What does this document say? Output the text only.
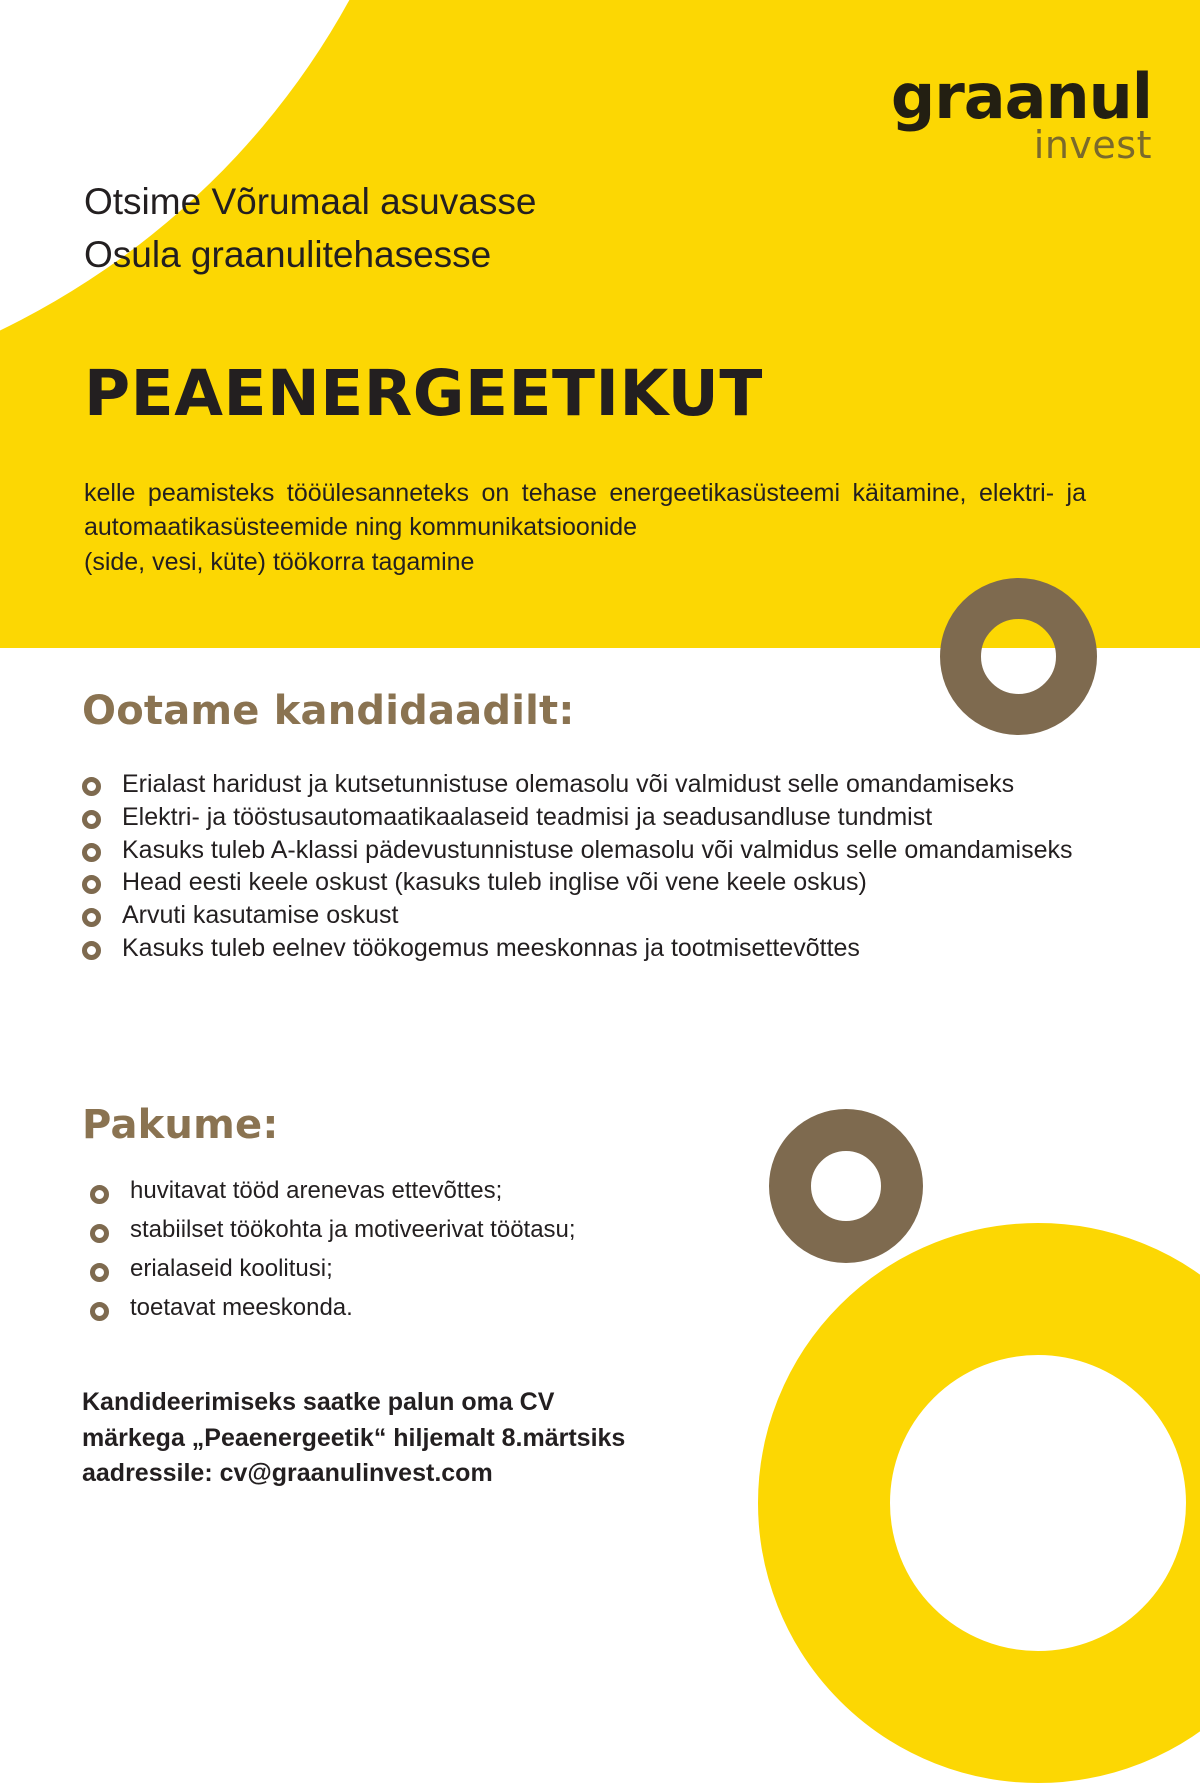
graanul
invest
Otsime Võrumaal asuvasse
Osula graanulitehasesse
PEAENERGEETIKUT
kelle peamisteks tööülesanneteks on tehase energeetikasüsteemi käitamine, elektri- ja automaatikasüsteemide ning kommunikatsioonide
(side, vesi, küte) töökorra tagamine
Ootame kandidaadilt:
Erialast haridust ja kutsetunnistuse olemasolu või valmidust selle omandamiseks
Elektri- ja tööstusautomaatikaalaseid teadmisi ja seadusandluse tundmist
Kasuks tuleb A-klassi pädevustunnistuse olemasolu või valmidus selle omandamiseks
Head eesti keele oskust (kasuks tuleb inglise või vene keele oskus)
Arvuti kasutamise oskust
Kasuks tuleb eelnev töökogemus meeskonnas ja tootmisettevõttes
Pakume:
huvitavat tööd arenevas ettevõttes;
stabiilset töökohta ja motiveerivat töötasu;
erialaseid koolitusi;
toetavat meeskonda.
Kandideerimiseks saatke palun oma CV
märkega „Peaenergeetik“ hiljemalt 8.märtsiks
aadressile: cv@graanulinvest.com
